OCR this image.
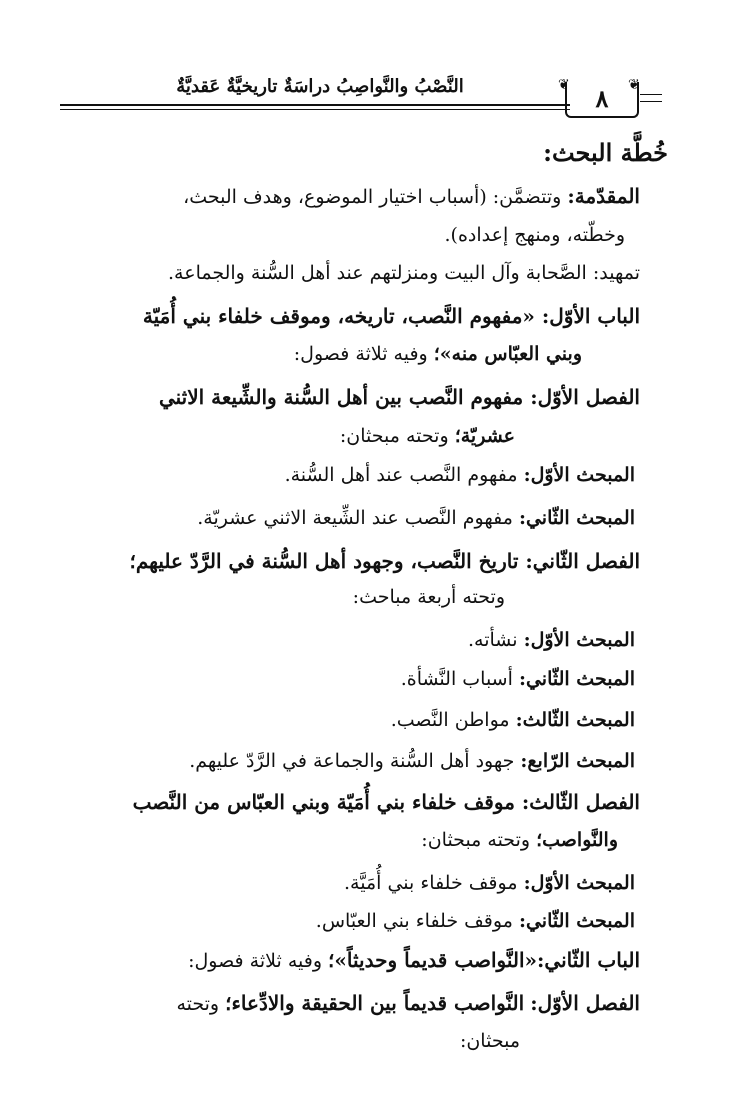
النَّصْبُ والنَّواصِبُ دراسَةٌ تاريخيَّةٌ عَقديَّةٌ	❦	❦
٨
خُطَّة البحث:
المقدّمة: وتتضمَّن: (أسباب اختيار الموضوع، وهدف البحث،
وخطّته، ومنهج إعداده).
تمهيد: الصَّحابة وآل البيت ومنزلتهم عند أهل السُّنة والجماعة.
الباب الأوّل: «مفهوم النَّصب، تاريخه، وموقف خلفاء بني أُمَيّة
وبني العبّاس منه»؛ وفيه ثلاثة فصول:
الفصل الأوّل: مفهوم النَّصب بين أهل السُّنة والشِّيعة الاثني
عشريّة؛ وتحته مبحثان:
المبحث الأوّل: مفهوم النَّصب عند أهل السُّنة.
المبحث الثّاني: مفهوم النَّصب عند الشِّيعة الاثني عشريّة.
الفصل الثّاني: تاريخ النَّصب، وجهود أهل السُّنة في الرَّدّ عليهم؛
وتحته أربعة مباحث:
المبحث الأوّل: نشأته.
المبحث الثّاني: أسباب النَّشأة.
المبحث الثّالث: مواطن النَّصب.
المبحث الرّابع: جهود أهل السُّنة والجماعة في الرَّدّ عليهم.
الفصل الثّالث: موقف خلفاء بني أُمَيّة وبني العبّاس من النَّصب
والنَّواصب؛ وتحته مبحثان:
المبحث الأوّل: موقف خلفاء بني أُمَيَّة.
المبحث الثّاني: موقف خلفاء بني العبّاس.
الباب الثّاني:«النَّواصب قديماً وحديثاً»؛ وفيه ثلاثة فصول:
الفصل الأوّل: النَّواصب قديماً بين الحقيقة والادِّعاء؛ وتحته
مبحثان:
